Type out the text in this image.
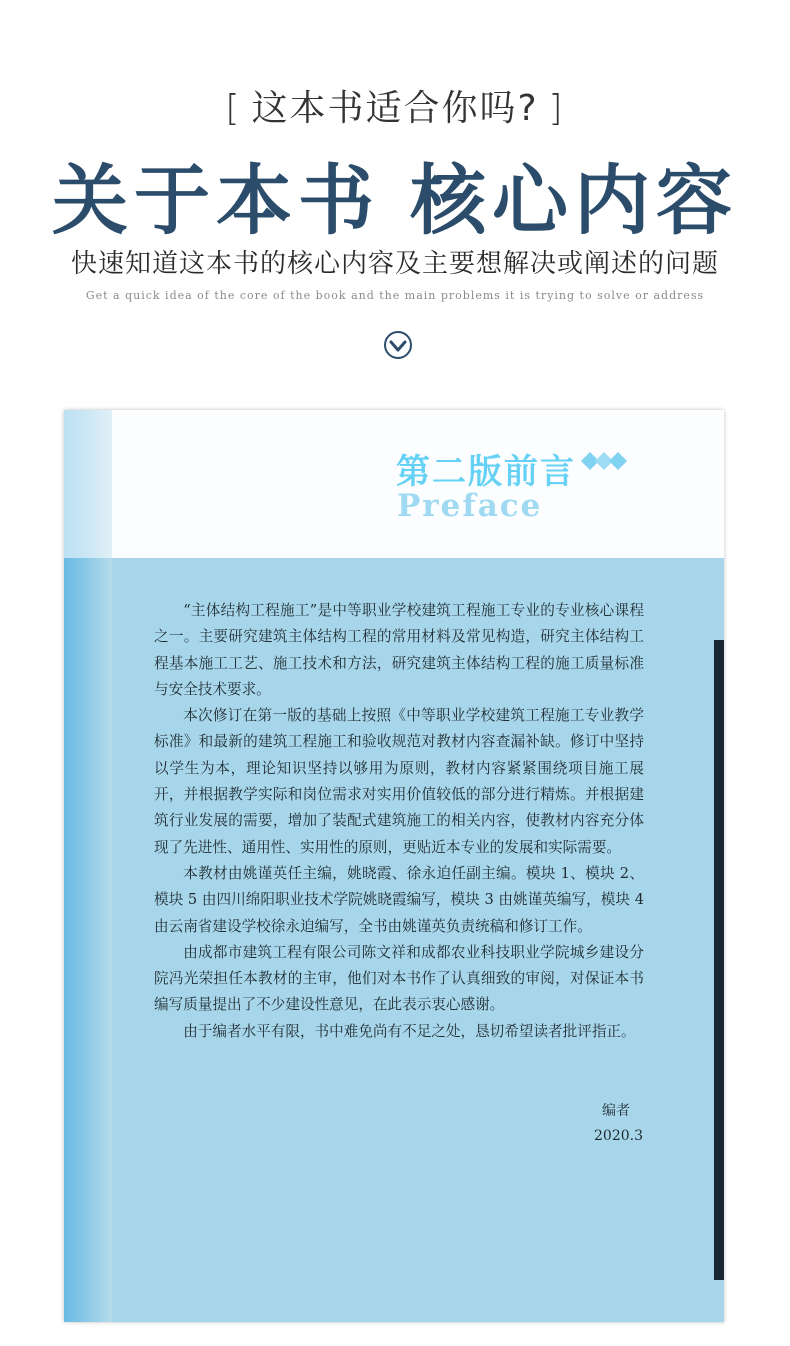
[ 这本书适合你吗? ]
关于本书 核心内容
快速知道这本书的核心内容及主要想解决或阐述的问题
Get a quick idea of the core of the book and the main problems it is trying to solve or address
第二版前言
Preface

“主体结构工程施工”是中等职业学校建筑工程施工专业的专业核心课程之一。主要研究建筑主体结构工程的常用材料及常见构造，研究主体结构工程基本施工工艺、施工技术和方法，研究建筑主体结构工程的施工质量标准与安全技术要求。

本次修订在第一版的基础上按照《中等职业学校建筑工程施工专业教学标准》和最新的建筑工程施工和验收规范对教材内容查漏补缺。修订中坚持以学生为本，理论知识坚持以够用为原则，教材内容紧紧围绕项目施工展开，并根据教学实际和岗位需求对实用价值较低的部分进行精炼。并根据建筑行业发展的需要，增加了装配式建筑施工的相关内容，使教材内容充分体现了先进性、通用性、实用性的原则，更贴近本专业的发展和实际需要。

本教材由姚谨英任主编，姚晓霞、徐永迫任副主编。模块 1、模块 2、模块 5 由四川绵阳职业技术学院姚晓霞编写，模块 3 由姚谨英编写，模块 4 由云南省建设学校徐永迫编写，全书由姚谨英负责统稿和修订工作。

由成都市建筑工程有限公司陈文祥和成都农业科技职业学院城乡建设分院冯光荣担任本教材的主审，他们对本书作了认真细致的审阅，对保证本书编写质量提出了不少建设性意见，在此表示衷心感谢。

由于编者水平有限，书中难免尚有不足之处，恳切希望读者批评指正。

编者
2020.3
